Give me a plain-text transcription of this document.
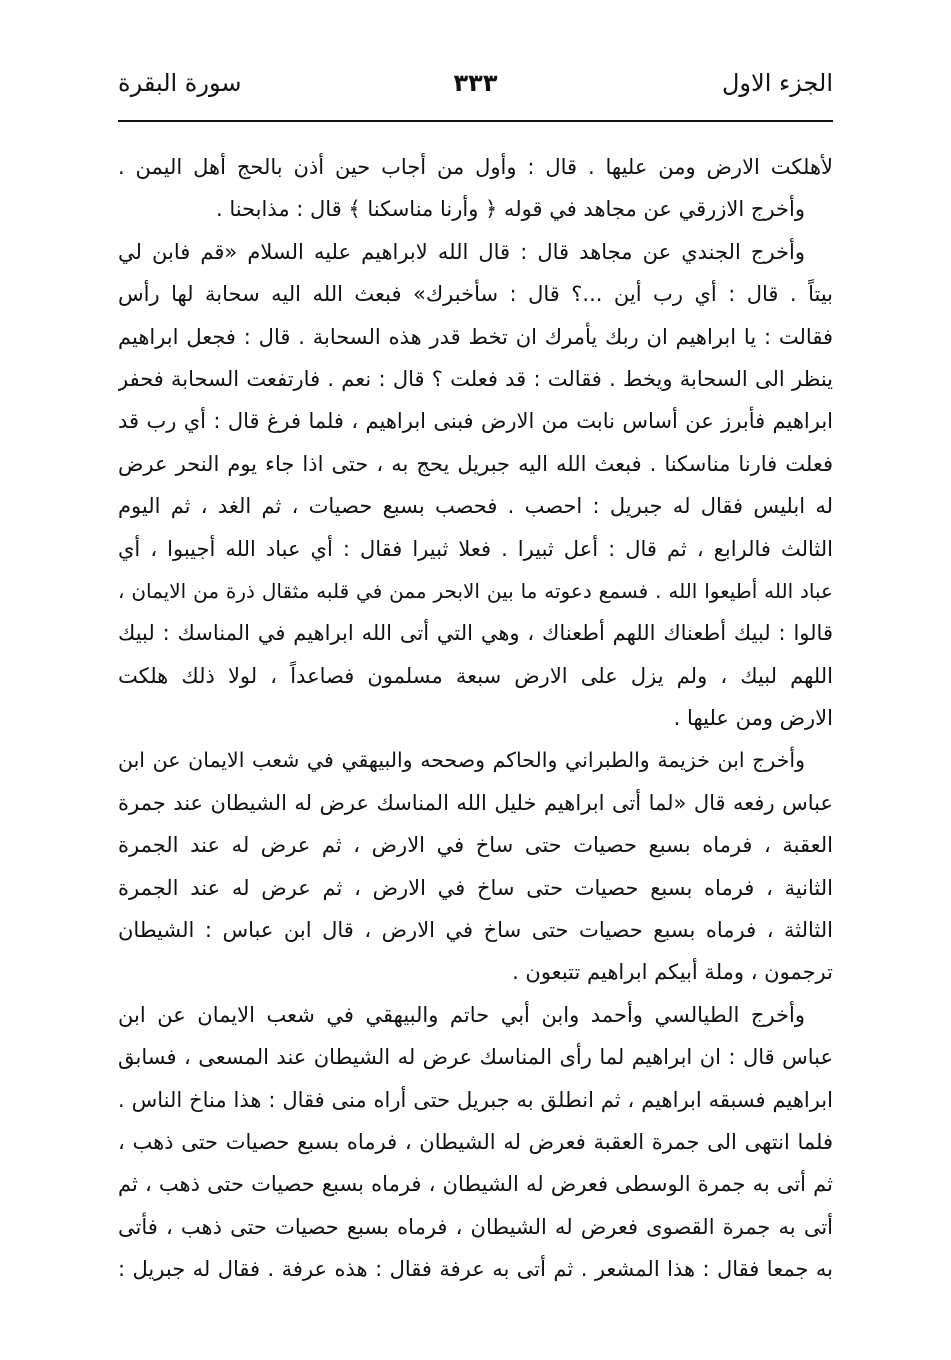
الجزء الاول
٣٣٣
سورة البقرة
لأهلكت الارض ومن عليها . قال : وأول من أجاب حين أذن بالحج أهل اليمن .
وأخرج الازرقي عن مجاهد في قوله ﴿ وأرنا مناسكنا ﴾ قال : مذابحنا .
وأخرج الجندي عن مجاهد قال : قال الله لابراهيم عليه السلام «قم فابن لي
بيتاً . قال : أي رب أين ...؟ قال : سأخبرك» فبعث الله اليه سحابة لها رأس
فقالت : يا ابراهيم ان ربك يأمرك ان تخط قدر هذه السحابة . قال : فجعل ابراهيم
ينظر الى السحابة ويخط . فقالت : قد فعلت ؟ قال : نعم . فارتفعت السحابة فحفر
ابراهيم فأبرز عن أساس نابت من الارض فبنى ابراهيم ، فلما فرغ قال : أي رب قد
فعلت فارنا مناسكنا . فبعث الله اليه جبريل يحج به ، حتى اذا جاء يوم النحر عرض
له ابليس فقال له جبريل : احصب . فحصب بسبع حصيات ، ثم الغد ، ثم اليوم
الثالث فالرابع ، ثم قال : أعل ثبيرا . فعلا ثبيرا فقال : أي عباد الله أجيبوا ، أي
عباد الله أطيعوا الله . فسمع دعوته ما بين الابحر ممن في قلبه مثقال ذرة من الايمان ،
قالوا : لبيك أطعناك اللهم أطعناك ، وهي التي أتى الله ابراهيم في المناسك : لبيك
اللهم لبيك ، ولم يزل على الارض سبعة مسلمون فصاعداً ، لولا ذلك هلكت
الارض ومن عليها .
وأخرج ابن خزيمة والطبراني والحاكم وصححه والبيهقي في شعب الايمان عن ابن
عباس رفعه قال «لما أتى ابراهيم خليل الله المناسك عرض له الشيطان عند جمرة
العقبة ، فرماه بسبع حصيات حتى ساخ في الارض ، ثم عرض له عند الجمرة
الثانية ، فرماه بسبع حصيات حتى ساخ في الارض ، ثم عرض له عند الجمرة
الثالثة ، فرماه بسبع حصيات حتى ساخ في الارض ، قال ابن عباس : الشيطان
ترجمون ، وملة أبيكم ابراهيم تتبعون .
وأخرج الطيالسي وأحمد وابن أبي حاتم والبيهقي في شعب الايمان عن ابن
عباس قال : ان ابراهيم لما رأى المناسك عرض له الشيطان عند المسعى ، فسابق
ابراهيم فسبقه ابراهيم ، ثم انطلق به جبريل حتى أراه منى فقال : هذا مناخ الناس .
فلما انتهى الى جمرة العقبة فعرض له الشيطان ، فرماه بسبع حصيات حتى ذهب ،
ثم أتى به جمرة الوسطى فعرض له الشيطان ، فرماه بسبع حصيات حتى ذهب ، ثم
أتى به جمرة القصوى فعرض له الشيطان ، فرماه بسبع حصيات حتى ذهب ، فأتى
به جمعا فقال : هذا المشعر . ثم أتى به عرفة فقال : هذه عرفة . فقال له جبريل :
